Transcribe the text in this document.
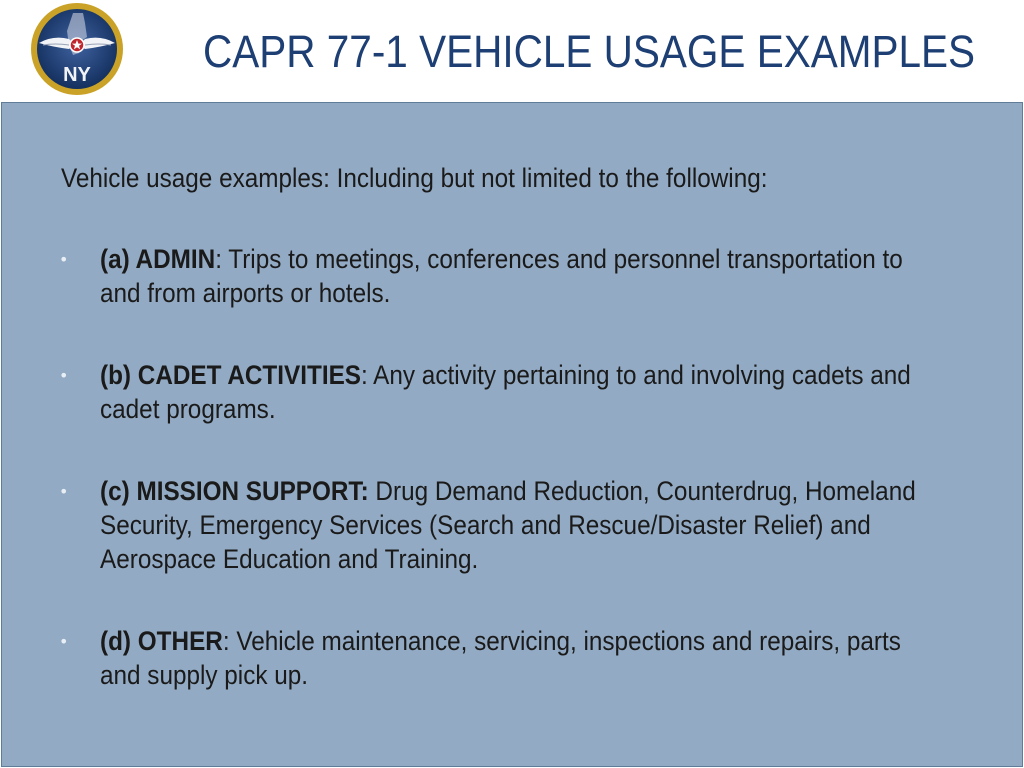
NY CAPR 77-1 VEHICLE USAGE EXAMPLES

Vehicle usage examples: Including but not limited to the following:

• (a) ADMIN: Trips to meetings, conferences and personnel transportation to and from airports or hotels.

• (b) CADET ACTIVITIES: Any activity pertaining to and involving cadets and cadet programs.

• (c) MISSION SUPPORT: Drug Demand Reduction, Counterdrug, Homeland Security, Emergency Services (Search and Rescue/Disaster Relief) and Aerospace Education and Training.

• (d) OTHER: Vehicle maintenance, servicing, inspections and repairs, parts and supply pick up.
